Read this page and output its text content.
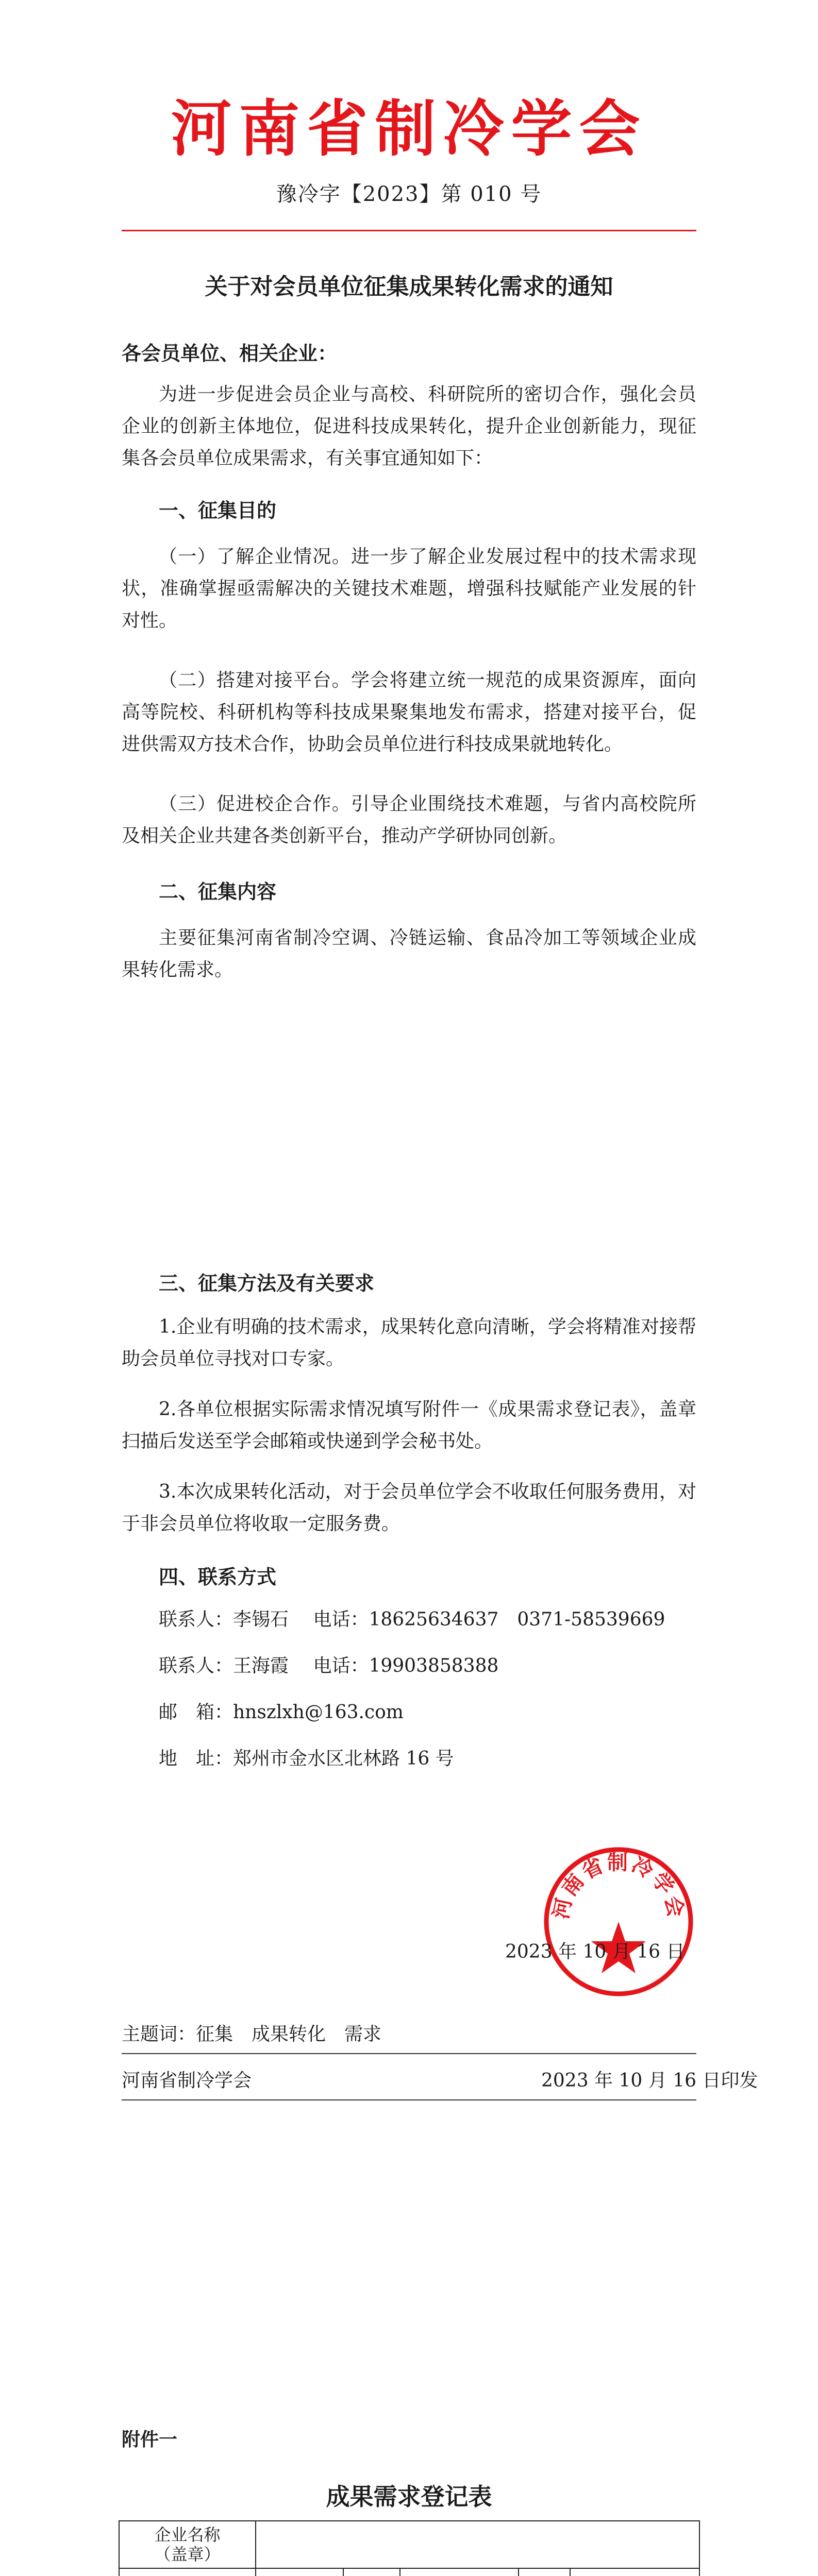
河南省制冷学会
豫冷字【2023】第 010 号
关于对会员单位征集成果转化需求的通知
各会员单位、相关企业：
为进一步促进会员企业与高校、科研院所的密切合作，强化会员企业的创新主体地位，促进科技成果转化，提升企业创新能力，现征集各会员单位成果需求，有关事宜通知如下：
一、征集目的
（一）了解企业情况。进一步了解企业发展过程中的技术需求现状，准确掌握亟需解决的关键技术难题，增强科技赋能产业发展的针对性。
（二）搭建对接平台。学会将建立统一规范的成果资源库，面向高等院校、科研机构等科技成果聚集地发布需求，搭建对接平台，促进供需双方技术合作，协助会员单位进行科技成果就地转化。
（三）促进校企合作。引导企业围绕技术难题，与省内高校院所及相关企业共建各类创新平台，推动产学研协同创新。
二、征集内容
主要征集河南省制冷空调、冷链运输、食品冷加工等领域企业成果转化需求。
三、征集方法及有关要求
1.企业有明确的技术需求，成果转化意向清晰，学会将精准对接帮助会员单位寻找对口专家。
2.各单位根据实际需求情况填写附件一《成果需求登记表》，盖章扫描后发送至学会邮箱或快递到学会秘书处。
3.本次成果转化活动，对于会员单位学会不收取任何服务费用，对于非会员单位将收取一定服务费。
四、联系方式
联系人：李锡石　 电话：18625634637　0371-58539669
联系人：王海霞　 电话：19903858388
邮　箱：hnszlxh@163.com
地　址：郑州市金水区北林路 16 号
河南省制冷学会
2023 年 10 月 16 日
主题词：征集　成果转化　需求
河南省制冷学会	2023 年 10 月 16 日印发
附件一
成果需求登记表
企业名称
（盖章）					
